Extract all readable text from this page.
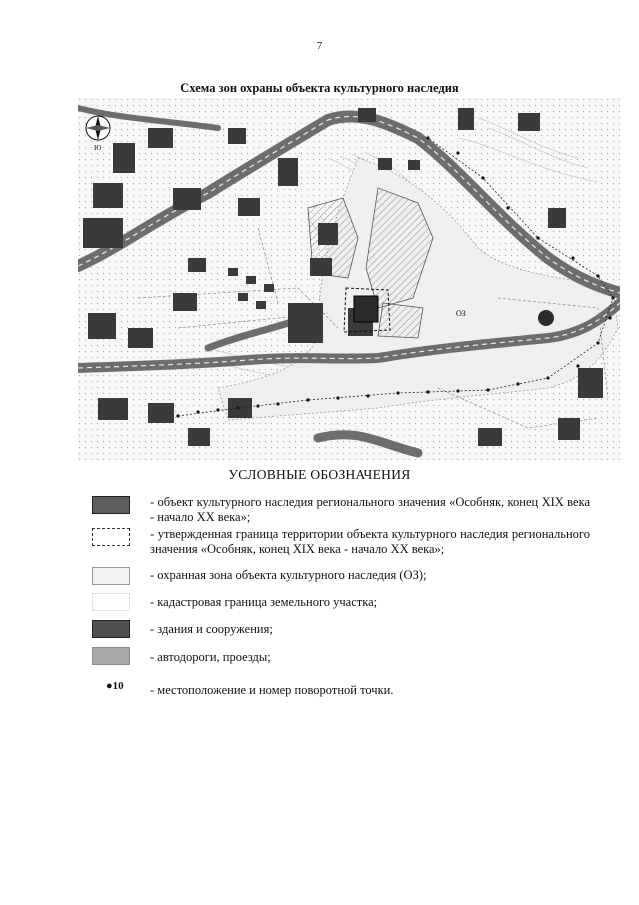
7
Схема зон охраны объекта культурного наследия
ОЗ
Ю
УСЛОВНЫЕ ОБОЗНАЧЕНИЯ
- объект культурного наследия регионального значения «Особняк, конец XIX века - начало XX века»;
- утвержденная граница территории объекта культурного наследия регионального значения «Особняк, конец XIX века - начало XX века»;
- охранная зона объекта культурного наследия (ОЗ);
- кадастровая граница земельного участка;
- здания и сооружения;
- автодороги, проезды;
●10 - местоположение и номер поворотной точки.
